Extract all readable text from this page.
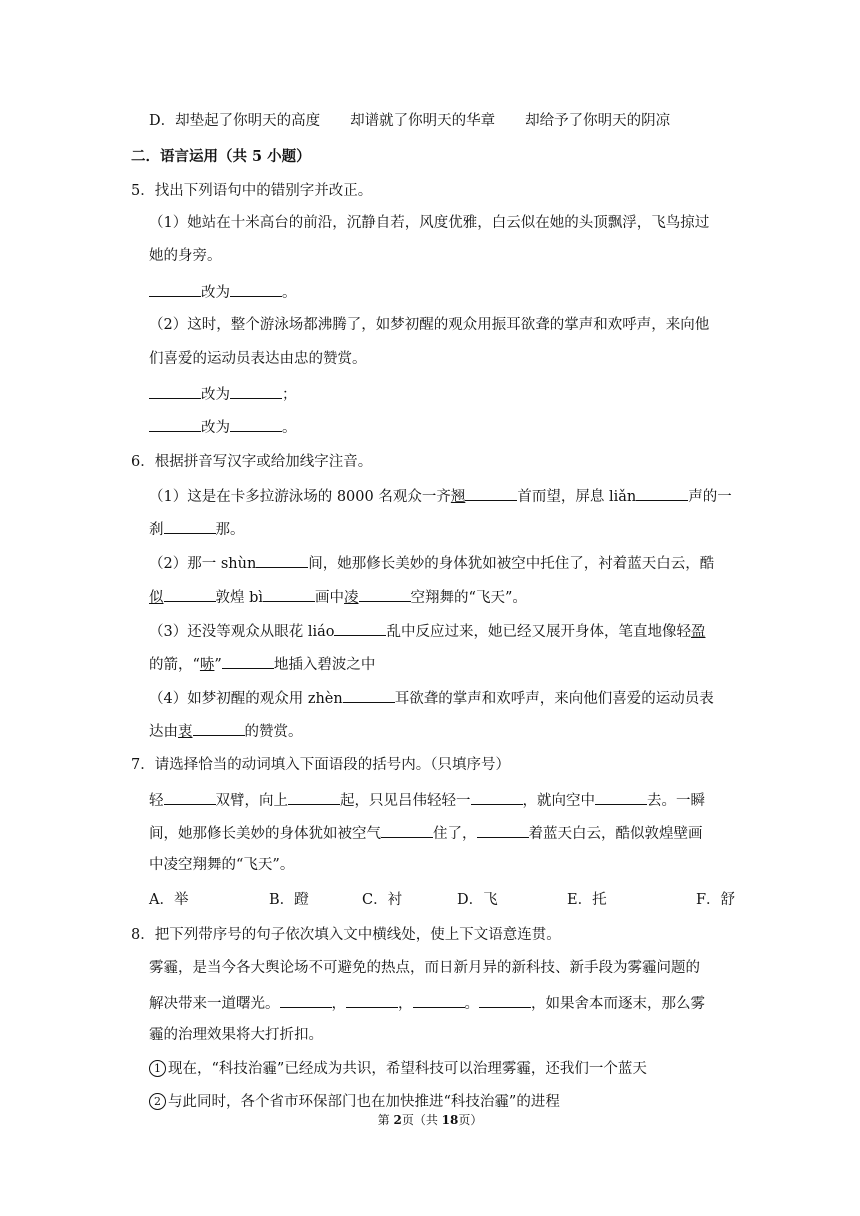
D．却垫起了你明天的高度 却谱就了你明天的华章 却给予了你明天的阴凉
二．语言运用（共 5 小题）
5．找出下列语句中的错别字并改正。
（1）她站在十米高台的前沿，沉静自若，风度优雅，白云似在她的头顶飘浮，飞鸟掠过
她的身旁。
改为	。
（2）这时，整个游泳场都沸腾了，如梦初醒的观众用振耳欲聋的掌声和欢呼声，来向他
们喜爱的运动员表达由忠的赞赏。
改为	；
改为	。
6．根据拼音写汉字或给加线字注音。
（1）这是在卡多拉游泳场的 8000 名观众一齐翘	首而望，屏息 liǎn	声的一
刹	那。
（2）那一 shùn	间，她那修长美妙的身体犹如被空中托住了，衬着蓝天白云，酷
似	敦煌 bì	画中凌	空翔舞的“飞天”。
（3）还没等观众从眼花 liáo	乱中反应过来，她已经又展开身体，笔直地像轻盈
的箭，“哧”	地插入碧波之中
（4）如梦初醒的观众用 zhèn	耳欲聋的掌声和欢呼声，来向他们喜爱的运动员表
达由衷	的赞赏。
7．请选择恰当的动词填入下面语段的括号内。（只填序号）
轻	双臂，向上	起，只见吕伟轻轻一	，就向空中	去。一瞬
间，她那修长美妙的身体犹如被空气	住了，	着蓝天白云，酷似敦煌壁画
中凌空翔舞的“飞天”。
A．举	B．蹬	C．衬	D．飞	E．托	F．舒
8．把下列带序号的句子依次填入文中横线处，使上下文语意连贯。
雾霾，是当今各大舆论场不可避免的热点，而日新月异的新科技、新手段为雾霾问题的
解决带来一道曙光。	，	，	。	，如果舍本而逐末，那么雾
霾的治理效果将大打折扣。
1 现在，“科技治霾”已经成为共识，希望科技可以治理雾霾，还我们一个蓝天
2 与此同时，各个省市环保部门也在加快推进“科技治霾”的进程
第 2页（共 18页）
